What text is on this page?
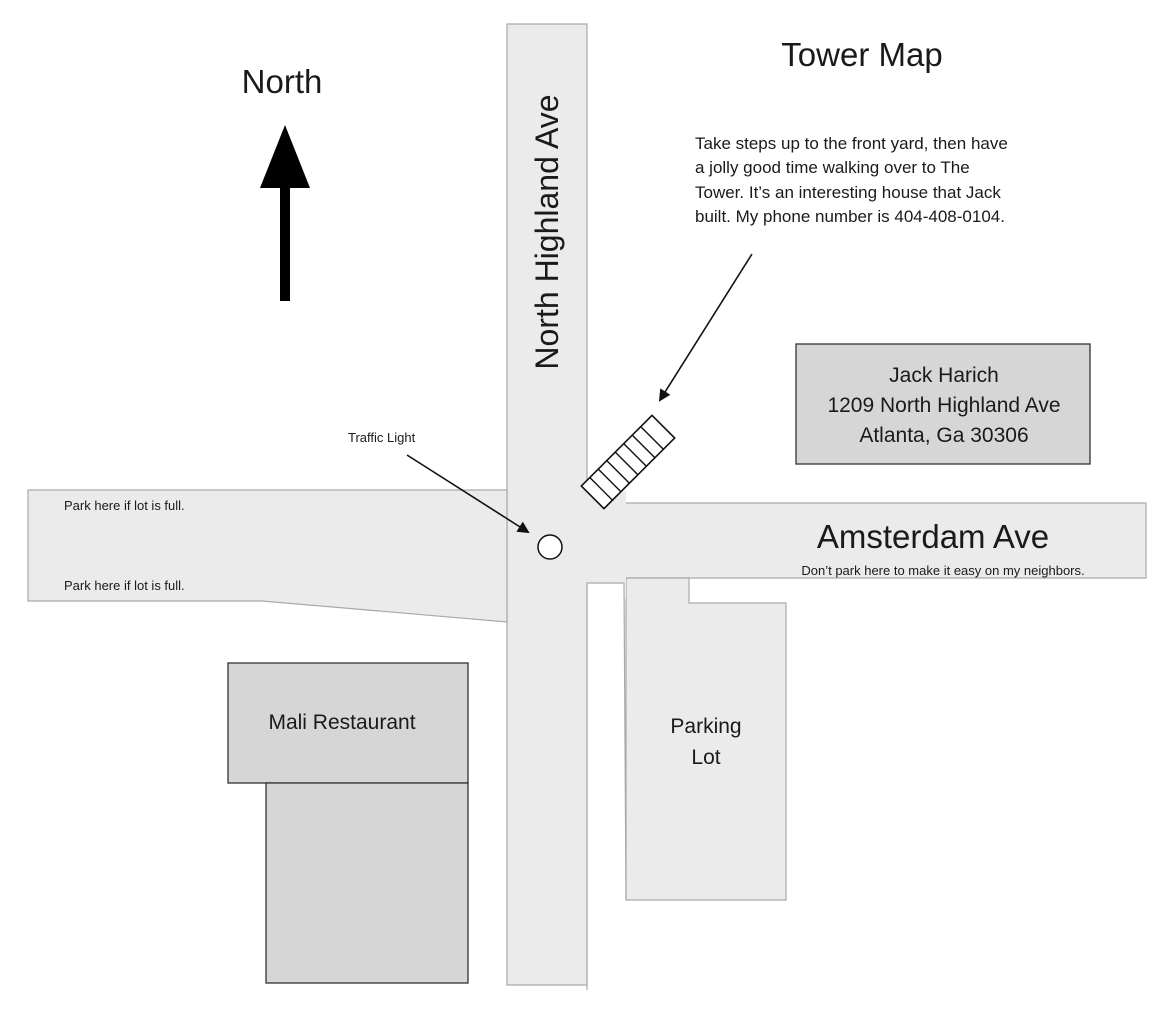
Tower Map
North
North Highland Ave
Amsterdam Ave
Take steps up to the front yard, then have
a jolly good time walking over to The
Tower. It’s an interesting house that Jack
built. My phone number is 404-408-0104.
Jack Harich
1209 North Highland Ave
Atlanta, Ga 30306
Traffic Light
Park here if lot is full.
Park here if lot is full.
Don’t park here to make it easy on my neighbors.
Mali Restaurant	Parking
Lot
